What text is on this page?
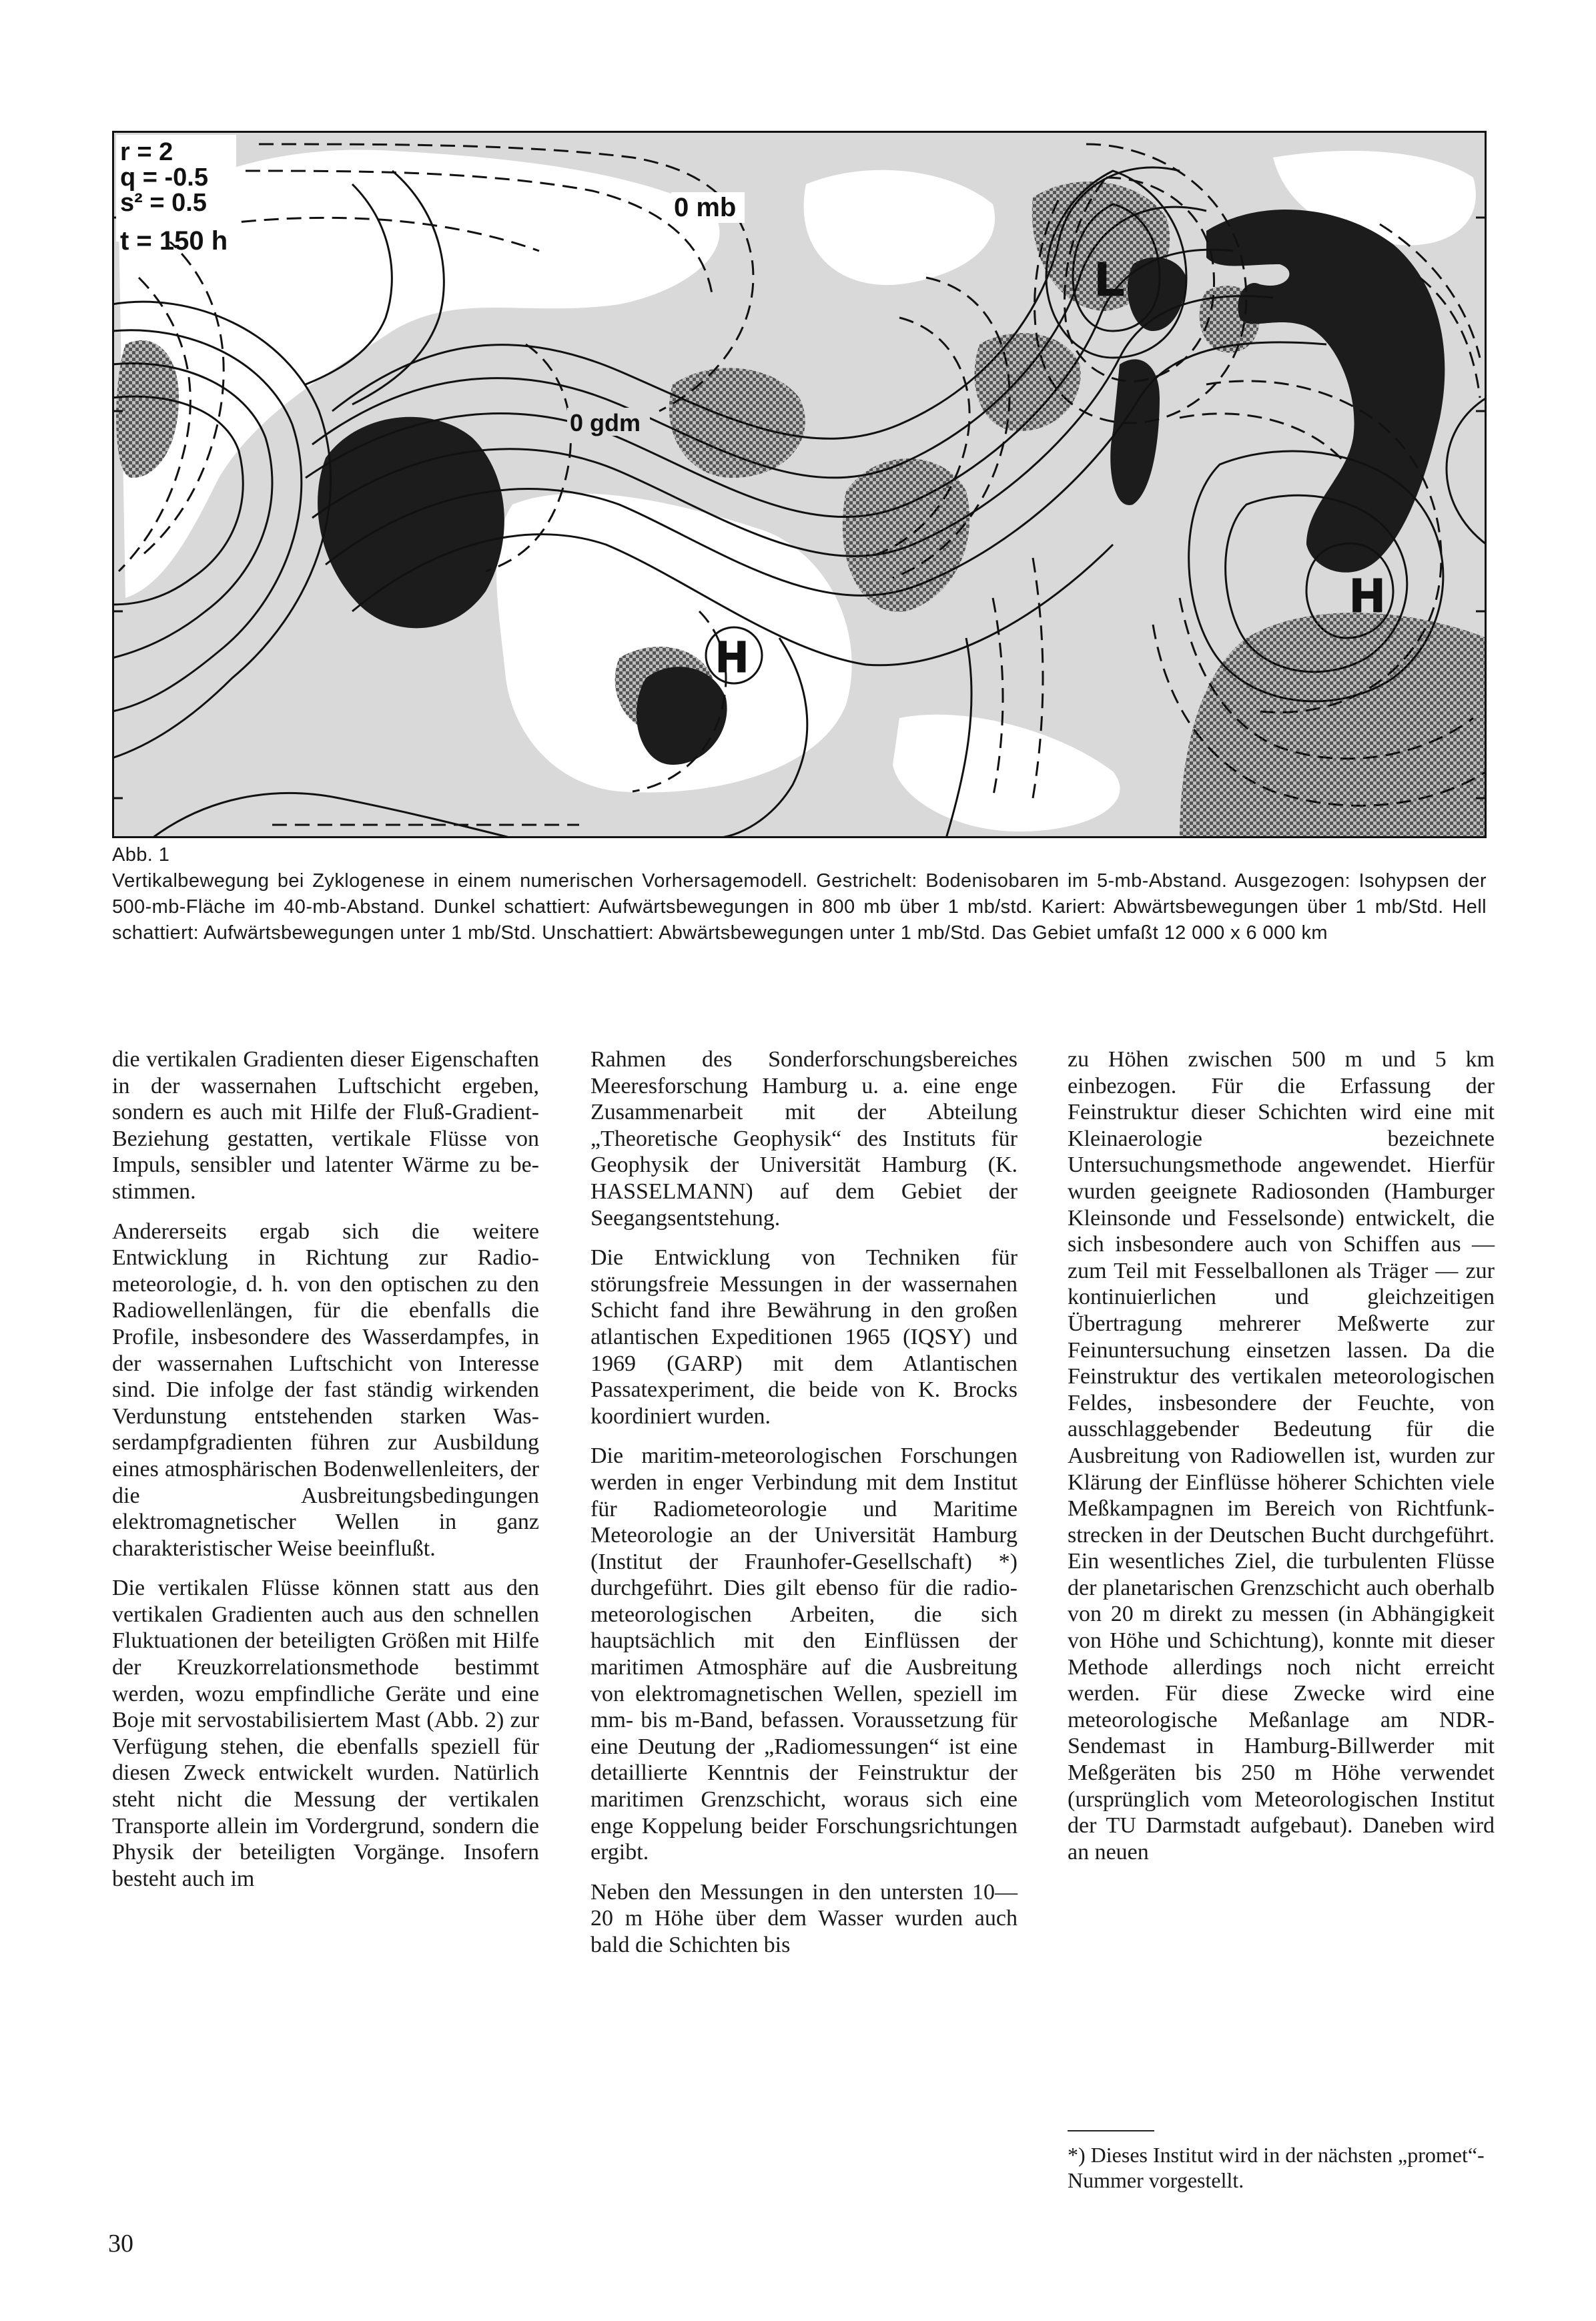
r = 2
q = -0.5
s² = 0.5
t = 150 h
0 mb
0 gdm
L
H
H

Abb. 1

Vertikalbewegung bei Zyklogenese in einem numerischen Vorhersagemodell. Gestrichelt: Bodenisobaren im 5-mb-Abstand. Ausgezogen: Isohypsen der 500-mb-Fläche im 40-mb-Abstand. Dunkel schattiert: Aufwärtsbewegungen in 800 mb über 1 mb/std. Kariert: Abwärtsbewegungen über 1 mb/Std. Hell schattiert: Aufwärtsbewegungen unter 1 mb/Std. Unschattiert: Abwärtsbewegungen unter 1 mb/Std. Das Gebiet umfaßt 12 000 x 6 000 km

die vertikalen Gradienten dieser Eigenschaften in der wassernahen Luftschicht ergeben, sondern es auch mit Hilfe der Fluß-Gradient-Beziehung gestatten, vertikale Flüsse von Impuls, sensibler und latenter Wärme zu bestimmen.

Andererseits ergab sich die weitere Entwicklung in Richtung zur Radiometeorologie, d. h. von den optischen zu den Radiowellenlängen, für die ebenfalls die Profile, insbesondere des Wasserdampfes, in der wassernahen Luftschicht von Interesse sind. Die infolge der fast ständig wirkenden Verdunstung entstehenden starken Wasserdampfgradienten führen zur Ausbildung eines atmosphärischen Bodenwellenleiters, der die Ausbreitungsbedingungen elektromagnetischer Wellen in ganz charakteristischer Weise beeinflußt.

Die vertikalen Flüsse können statt aus den vertikalen Gradienten auch aus den schnellen Fluktuationen der beteiligten Größen mit Hilfe der Kreuzkorrelationsmethode bestimmt werden, wozu empfindliche Geräte und eine Boje mit servostabilisiertem Mast (Abb. 2) zur Verfügung stehen, die ebenfalls speziell für diesen Zweck entwickelt wurden. Natürlich steht nicht die Messung der vertikalen Transporte allein im Vordergrund, sondern die Physik der beteiligten Vorgänge. Insofern besteht auch im

Rahmen des Sonderforschungsbereiches Meeresforschung Hamburg u. a. eine enge Zusammenarbeit mit der Abteilung „Theoretische Geophysik“ des Instituts für Geophysik der Universität Hamburg (K. HASSELMANN) auf dem Gebiet der Seegangsentstehung.

Die Entwicklung von Techniken für störungsfreie Messungen in der wassernahen Schicht fand ihre Bewährung in den großen atlantischen Expeditionen 1965 (IQSY) und 1969 (GARP) mit dem Atlantischen Passatexperiment, die beide von K. Brocks koordiniert wurden.

Die maritim-meteorologischen Forschungen werden in enger Verbindung mit dem Institut für Radiometeorologie und Maritime Meteorologie an der Universität Hamburg (Institut der Fraunhofer-Gesellschaft) *) durchgeführt. Dies gilt ebenso für die radiometeorologischen Arbeiten, die sich hauptsächlich mit den Einflüssen der maritimen Atmosphäre auf die Ausbreitung von elektromagnetischen Wellen, speziell im mm- bis m-Band, befassen. Voraussetzung für eine Deutung der „Radiomessungen“ ist eine detaillierte Kenntnis der Feinstruktur der maritimen Grenzschicht, woraus sich eine enge Koppelung beider Forschungsrichtungen ergibt.

Neben den Messungen in den untersten 10—20 m Höhe über dem Wasser wurden auch bald die Schichten bis

zu Höhen zwischen 500 m und 5 km einbezogen. Für die Erfassung der Feinstruktur dieser Schichten wird eine mit Kleinaerologie bezeichnete Untersuchungsmethode angewendet. Hierfür wurden geeignete Radiosonden (Hamburger Kleinsonde und Fesselsonde) entwickelt, die sich insbesondere auch von Schiffen aus — zum Teil mit Fesselballonen als Träger — zur kontinuierlichen und gleichzeitigen Übertragung mehrerer Meßwerte zur Feinuntersuchung einsetzen lassen. Da die Feinstruktur des vertikalen meteorologischen Feldes, insbesondere der Feuchte, von ausschlaggebender Bedeutung für die Ausbreitung von Radiowellen ist, wurden zur Klärung der Einflüsse höherer Schichten viele Meßkampagnen im Bereich von Richtfunkstrecken in der Deutschen Bucht durchgeführt. Ein wesentliches Ziel, die turbulenten Flüsse der planetarischen Grenzschicht auch oberhalb von 20 m direkt zu messen (in Abhängigkeit von Höhe und Schichtung), konnte mit dieser Methode allerdings noch nicht erreicht werden. Für diese Zwecke wird eine meteorologische Meßanlage am NDR-Sendemast in Hamburg-Billwerder mit Meßgeräten bis 250 m Höhe verwendet (ursprünglich vom Meteorologischen Institut der TU Darmstadt aufgebaut). Daneben wird an neuen

*) Dieses Institut wird in der nächsten „promet“-Nummer vorgestellt.
30
